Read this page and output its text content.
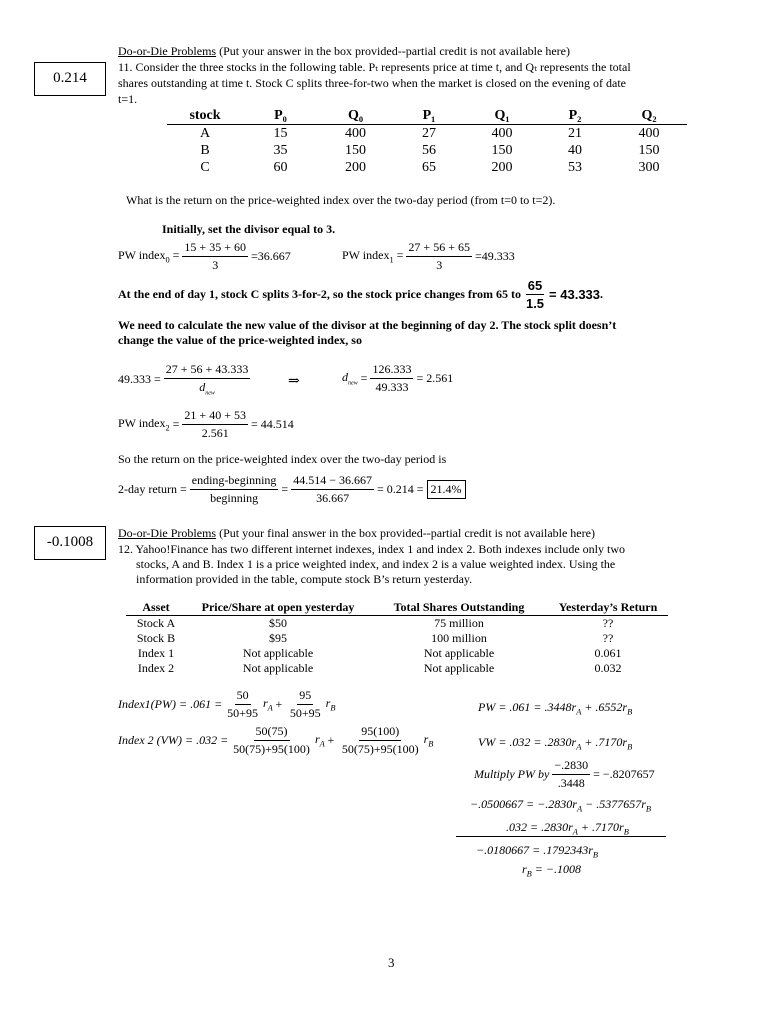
0.214
Do-or-Die Problems (Put your answer in the box provided--partial credit is not available here)
11. Consider the three stocks in the following table. Pₜ represents price at time t, and Qₜ represents the total
shares outstanding at time t. Stock C splits three-for-two when the market is closed on the evening of date
t=1.
stock	P₀	Q₀	P₁	Q₁	P₂	Q₂
A	15	400	27	400	21	400
B	35	150	56	150	40	150
C	60	200	65	200	53	300
What is the return on the price-weighted index over the two-day period (from t=0 to t=2).
Initially, set the divisor equal to 3.
PW index$_0$ = $\frac{15 + 35 + 60}{3} =36.667$	PW index$_1$ = $\frac{27 + 56 + 65}{3} =49.333$
At the end of day 1, stock C splits 3-for-2, so the stock price changes from 65 to $\frac{65}{1.5} = 43.333$ .
We need to calculate the new value of the divisor at the beginning of day 2. The stock split doesn’t
change the value of the price-weighted index, so
$49.333 = \frac{27 + 56 + 43.333}{d_{new}}$	⇒	$d_{new} = \frac{126.333}{49.333} = 2.561$
PW index$_2$ = $\frac{21 + 40 + 53}{2.561} = 44.514$
So the return on the price-weighted index over the two-day period is
2-day return = $\frac{\text{ending-beginning}}{\text{beginning}} = \frac{44.514 - 36.667}{36.667} = 0.214 = 21.4\%$
-0.1008
Do-or-Die Problems (Put your final answer in the box provided--partial credit is not available here)
12. Yahoo!Finance has two different internet indexes, index 1 and index 2. Both indexes include only two
stocks, A and B. Index 1 is a price weighted index, and index 2 is a value weighted index. Using the
information provided in the table, compute stock B’s return yesterday.
Asset	Price/Share at open yesterday	Total Shares Outstanding	Yesterday’s Return
Stock A	$50	75 million	??
Stock B	$95	100 million	??
Index 1	Not applicable	Not applicable	0.061
Index 2	Not applicable	Not applicable	0.032
Index1(PW) = $.061 = \frac{50}{50+95} r_A + \frac{95}{50+95} r_B$
Index 2 $(VW) = .032 = \frac{50(75)}{50(75)+95(100)} r_A + \frac{95(100)}{50(75)+95(100)} r_B$
PW = $.061 = .3448r_A + .6552r_B$
VW = $.032 = .2830r_A + .7170r_B$
Multiply PW by $\frac{-.2830}{.3448} = -.8207657$
$-.0500667 = -.2830r_A - .5377657r_B$
$.032 = .2830r_A + .7170r_B$
$-.0180667 = .1792343r_B$
$r_B = -.1008$
3
